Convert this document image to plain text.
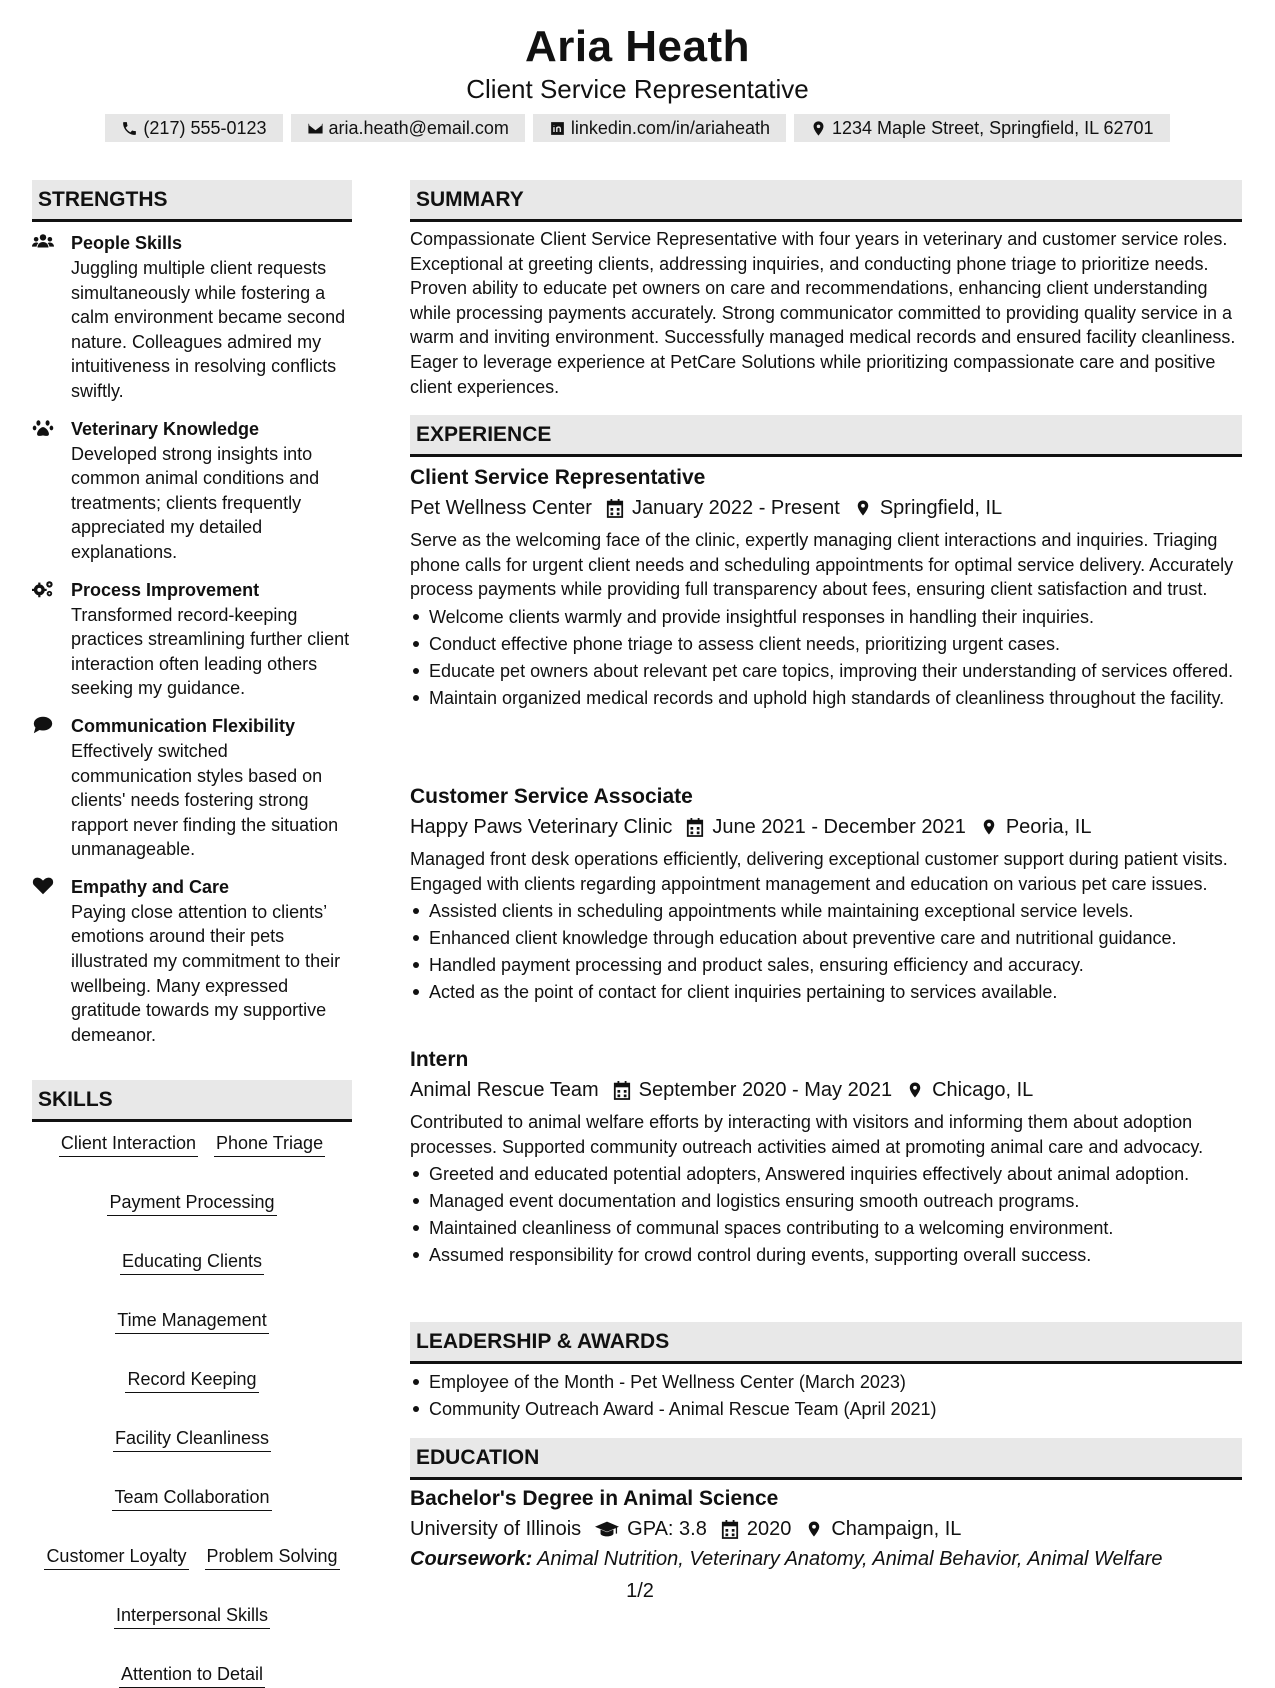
Aria Heath
Client Service Representative
(217) 555-0123	aria.heath@email.com	linkedin.com/in/ariaheath	1234 Maple Street, Springfield, IL 62701
STRENGTHS
People Skills
Juggling multiple client requests simultaneously while fostering a calm environment became second nature. Colleagues admired my intuitiveness in resolving conflicts swiftly.
Veterinary Knowledge
Developed strong insights into common animal conditions and treatments; clients frequently appreciated my detailed explanations.
Process Improvement
Transformed record-keeping practices streamlining further client interaction often leading others seeking my guidance.
Communication Flexibility
Effectively switched communication styles based on clients' needs fostering strong rapport never finding the situation unmanageable.
Empathy and Care
Paying close attention to clients’ emotions around their pets illustrated my commitment to their wellbeing. Many expressed gratitude towards my supportive demeanor.
SKILLS
Client Interaction Phone Triage
Payment Processing
Educating Clients
Time Management
Record Keeping
Facility Cleanliness
Team Collaboration
Customer Loyalty Problem Solving
Interpersonal Skills
Attention to Detail
SUMMARY

Compassionate Client Service Representative with four years in veterinary and customer service roles. Exceptional at greeting clients, addressing inquiries, and conducting phone triage to prioritize needs. Proven ability to educate pet owners on care and recommendations, enhancing client understanding while processing payments accurately. Strong communicator committed to providing quality service in a warm and inviting environment. Successfully managed medical records and ensured facility cleanliness. Eager to leverage experience at PetCare Solutions while prioritizing compassionate care and positive client experiences.

EXPERIENCE
Client Service Representative
Pet Wellness Center January 2022 - Present Springfield, IL

Serve as the welcoming face of the clinic, expertly managing client interactions and inquiries. Triaging phone calls for urgent client needs and scheduling appointments for optimal service delivery. Accurately process payments while providing full transparency about fees, ensuring client satisfaction and trust.

Welcome clients warmly and provide insightful responses in handling their inquiries.
Conduct effective phone triage to assess client needs, prioritizing urgent cases.
Educate pet owners about relevant pet care topics, improving their understanding of services offered.
Maintain organized medical records and uphold high standards of cleanliness throughout the facility.
Customer Service Associate
Happy Paws Veterinary Clinic June 2021 - December 2021 Peoria, IL

Managed front desk operations efficiently, delivering exceptional customer support during patient visits. Engaged with clients regarding appointment management and education on various pet care issues.

Assisted clients in scheduling appointments while maintaining exceptional service levels.
Enhanced client knowledge through education about preventive care and nutritional guidance.
Handled payment processing and product sales, ensuring efficiency and accuracy.
Acted as the point of contact for client inquiries pertaining to services available.
Intern
Animal Rescue Team September 2020 - May 2021 Chicago, IL

Contributed to animal welfare efforts by interacting with visitors and informing them about adoption processes. Supported community outreach activities aimed at promoting animal care and advocacy.

Greeted and educated potential adopters, Answered inquiries effectively about animal adoption.
Managed event documentation and logistics ensuring smooth outreach programs.
Maintained cleanliness of communal spaces contributing to a welcoming environment.
Assumed responsibility for crowd control during events, supporting overall success.
LEADERSHIP & AWARDS
Employee of the Month - Pet Wellness Center (March 2023)
Community Outreach Award - Animal Rescue Team (April 2021)
EDUCATION
Bachelor's Degree in Animal Science
University of Illinois GPA: 3.8 2020 Champaign, IL
Coursework: Animal Nutrition, Veterinary Anatomy, Animal Behavior, Animal Welfare
1/2
